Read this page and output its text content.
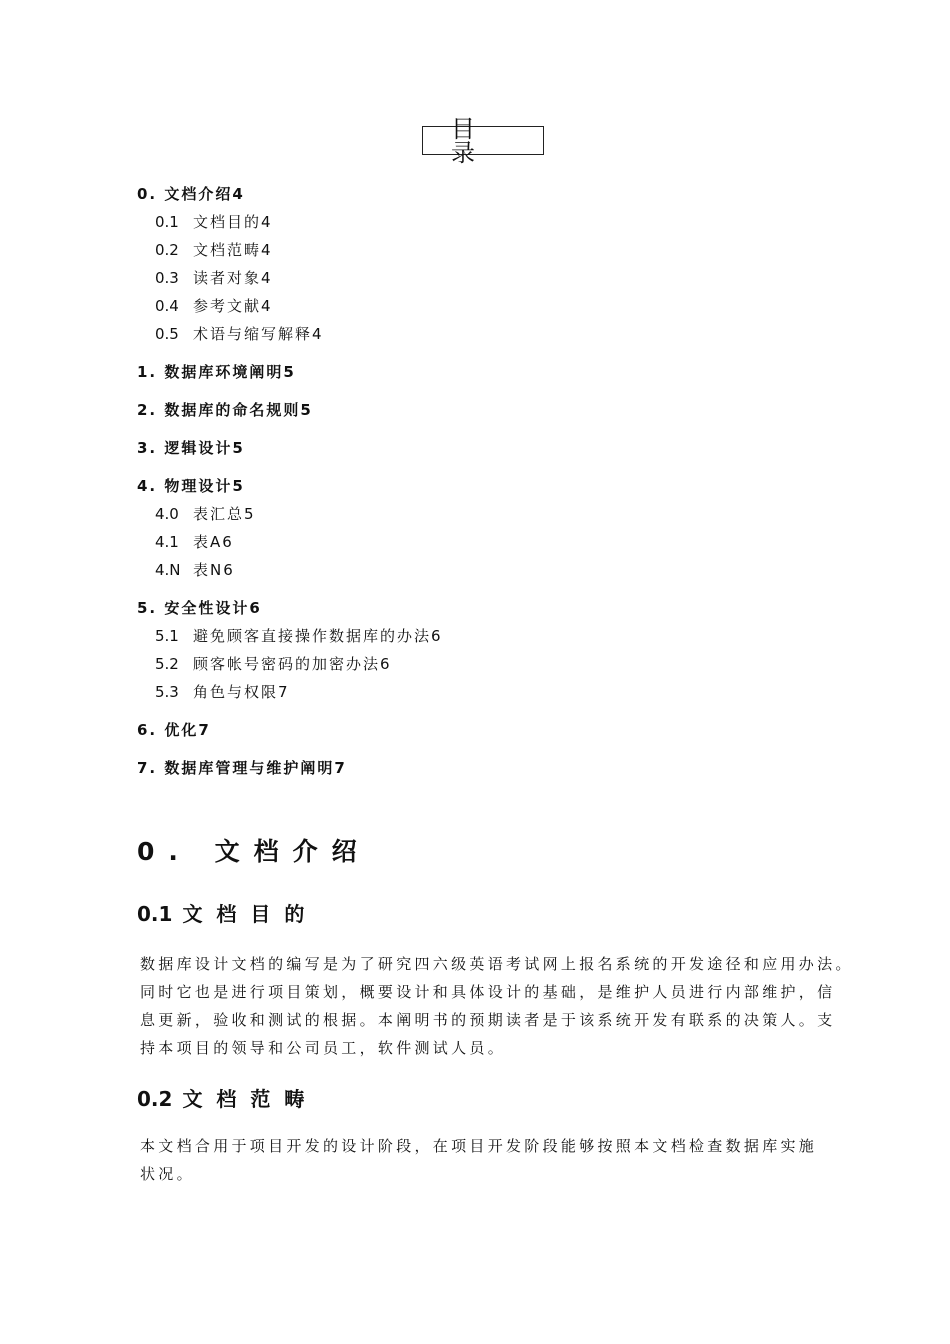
目 录
0. 文档介绍4
0.1 文档目的4
0.2 文档范畴4
0.3 读者对象4
0.4 参考文献4
0.5 术语与缩写解释4
1. 数据库环境阐明5
2. 数据库的命名规则5
3. 逻辑设计5
4. 物理设计5
4.0 表汇总5
4.1 表A6
4.N 表N6
5. 安全性设计6
5.1 避免顾客直接操作数据库的办法6
5.2 顾客帐号密码的加密办法6
5.3 角色与权限7
6. 优化7
7. 数据库管理与维护阐明7
0. 文档介绍
0.1 文档目的
数据库设计文档的编写是为了研究四六级英语考试网上报名系统的开发途径和应用办法。
同时它也是进行项目策划，概要设计和具体设计的基础，是维护人员进行内部维护，信
息更新，验收和测试的根据。本阐明书的预期读者是于该系统开发有联系的决策人。支
持本项目的领导和公司员工，软件测试人员。
0.2 文档范畴
本文档合用于项目开发的设计阶段，在项目开发阶段能够按照本文档检查数据库实施
状况。
